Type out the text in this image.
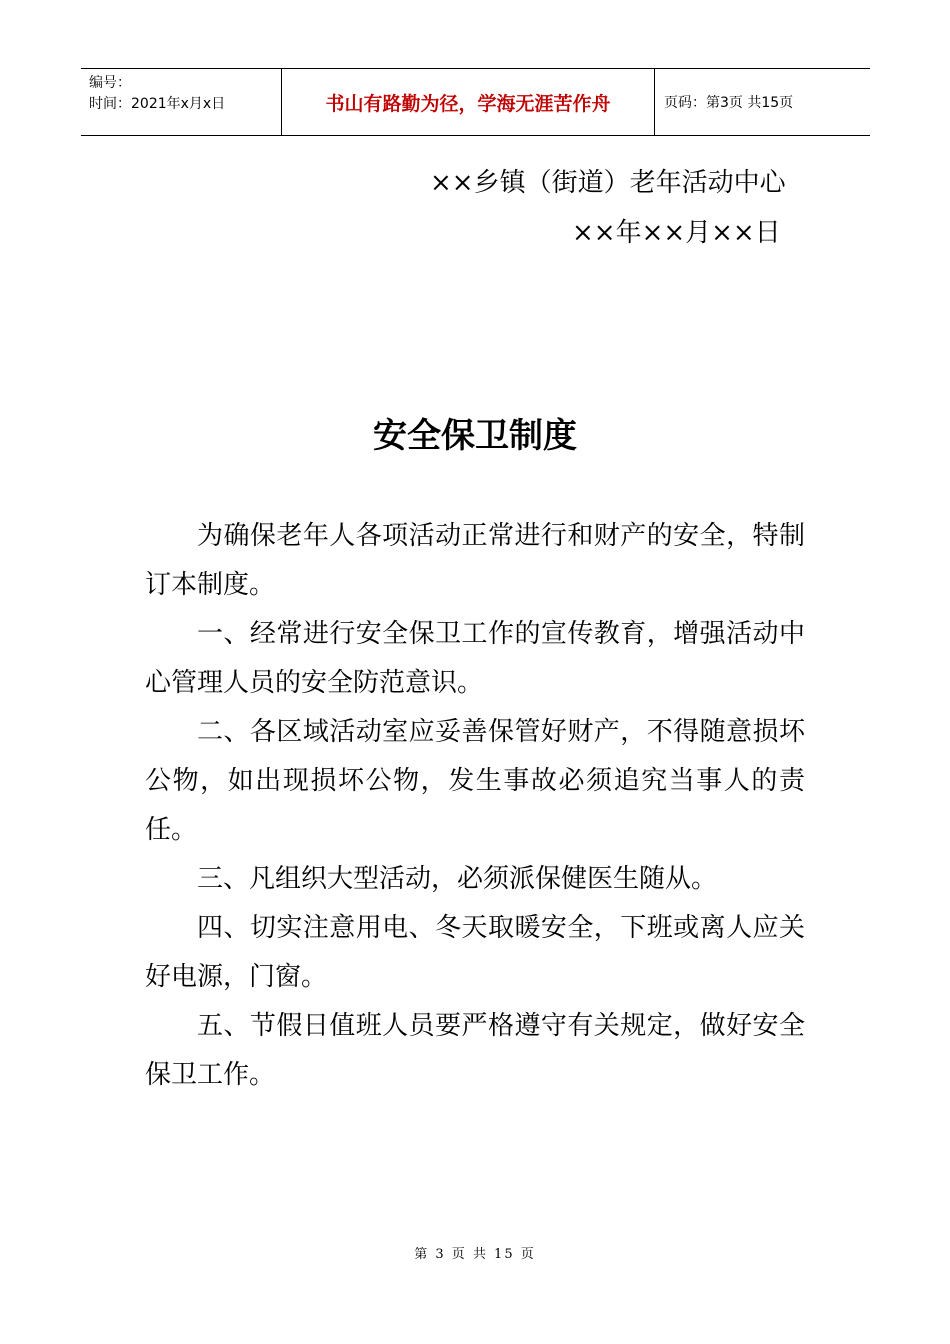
编号：
时间：2021年x月x日	书山有路勤为径，学海无涯苦作舟	页码：第3页 共15页
××乡镇（街道）老年活动中心
××年××月××日
安全保卫制度

为确保老年人各项活动正常进行和财产的安全，特制订本制度。

一、经常进行安全保卫工作的宣传教育，增强活动中心管理人员的安全防范意识。

二、各区域活动室应妥善保管好财产，不得随意损坏公物，如出现损坏公物，发生事故必须追究当事人的责任。

三、凡组织大型活动，必须派保健医生随从。

四、切实注意用电、冬天取暖安全，下班或离人应关好电源，门窗。

五、节假日值班人员要严格遵守有关规定，做好安全保卫工作。

第 3 页 共 15 页
